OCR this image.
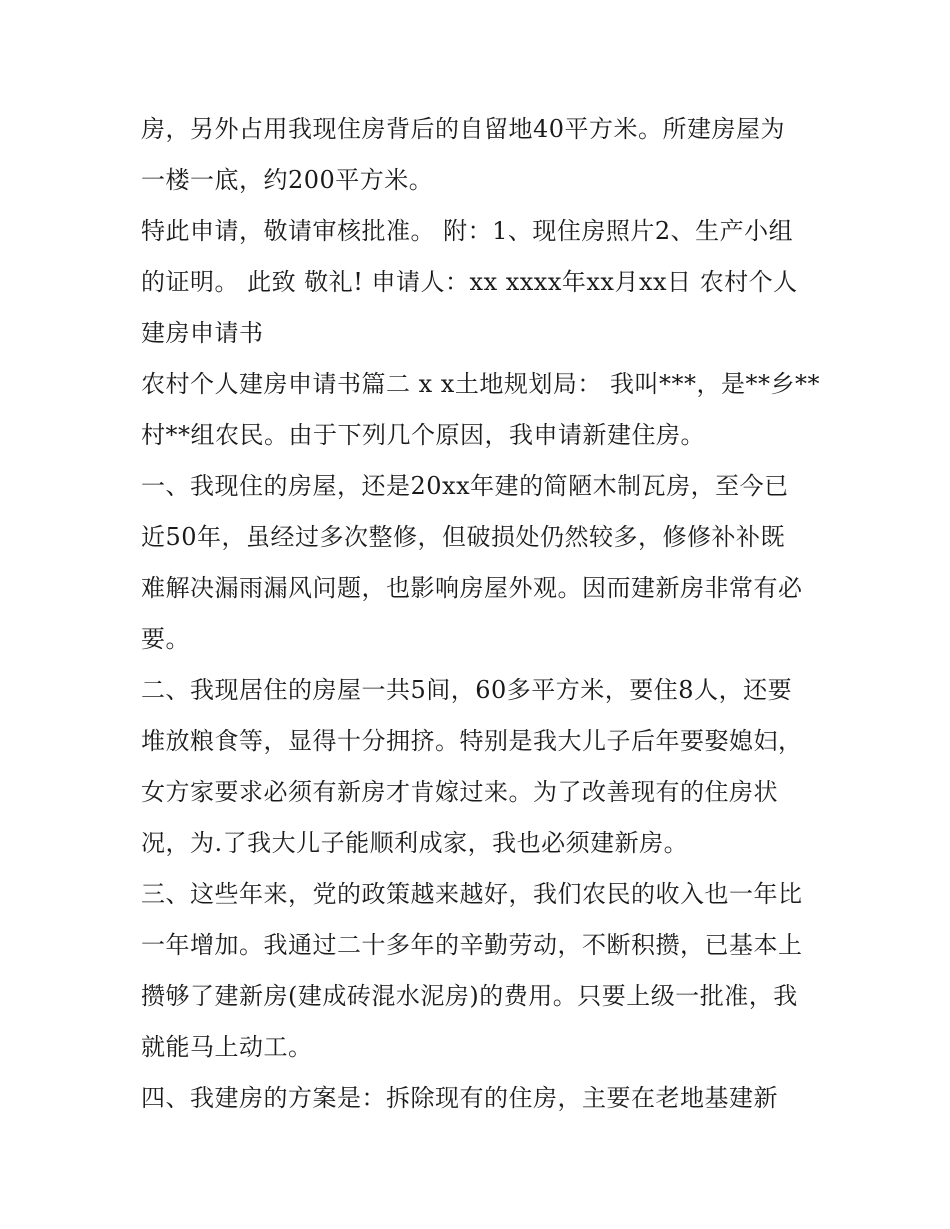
房，另外占用我现住房背后的自留地40平方米。所建房屋为
一楼一底，约200平方米。
特此申请，敬请审核批准。 附：1、现住房照片2、生产小组
的证明。 此致 敬礼! 申请人：xx xxxx年xx月xx日 农村个人
建房申请书
农村个人建房申请书篇二 x x土地规划局： 我叫***，是**乡**
村**组农民。由于下列几个原因，我申请新建住房。
一、我现住的房屋，还是20xx年建的简陋木制瓦房，至今已
近50年，虽经过多次整修，但破损处仍然较多，修修补补既
难解决漏雨漏风问题，也影响房屋外观。因而建新房非常有必
要。
二、我现居住的房屋一共5间，60多平方米，要住8人，还要
堆放粮食等，显得十分拥挤。特别是我大儿子后年要娶媳妇，
女方家要求必须有新房才肯嫁过来。为了改善现有的住房状
况，为.了我大儿子能顺利成家，我也必须建新房。
三、这些年来，党的政策越来越好，我们农民的收入也一年比
一年增加。我通过二十多年的辛勤劳动，不断积攒，已基本上
攒够了建新房(建成砖混水泥房)的费用。只要上级一批准，我
就能马上动工。
四、我建房的方案是：拆除现有的住房，主要在老地基建新
